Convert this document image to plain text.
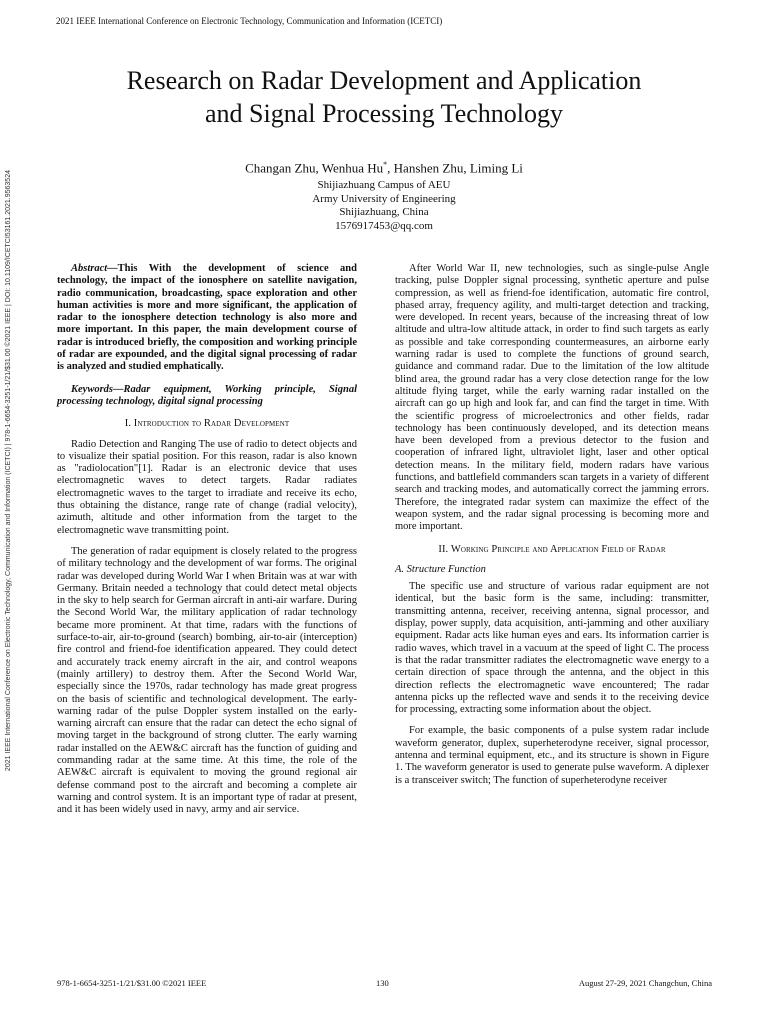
2021 IEEE International Conference on Electronic Technology, Communication and Information (ICETCI)
2021 IEEE International Conference on Electronic Technology, Communication and Information (ICETCI) | 978-1-6654-3251-1/21/$31.00 ©2021 IEEE | DOI: 10.1109/ICETCI53161.2021.9563524
Research on Radar Development and Application
and Signal Processing Technology
Changan Zhu, Wenhua Hu*, Hanshen Zhu, Liming Li
Shijiazhuang Campus of AEU
Army University of Engineering
Shijiazhuang, China
1576917453@qq.com

Abstract—This With the development of science and technology, the impact of the ionosphere on satellite navigation, radio communication, broadcasting, space exploration and other human activities is more and more significant, the application of radar to the ionosphere detection technology is also more and more important. In this paper, the main development course of radar is introduced briefly, the composition and working principle of radar are expounded, and the digital signal processing of radar is analyzed and studied emphatically.

Keywords—Radar equipment, Working principle, Signal processing technology, digital signal processing

I. Introduction to Radar Development

Radio Detection and Ranging The use of radio to detect objects and to visualize their spatial position. For this reason, radar is also known as "radiolocation"[1]. Radar is an electronic device that uses electromagnetic waves to detect targets. Radar radiates electromagnetic waves to the target to irradiate and receive its echo, thus obtaining the distance, range rate of change (radial velocity), azimuth, altitude and other information from the target to the electromagnetic wave transmitting point.

The generation of radar equipment is closely related to the progress of military technology and the development of war forms. The original radar was developed during World War I when Britain was at war with Germany. Britain needed a technology that could detect metal objects in the sky to help search for German aircraft in anti-air warfare. During the Second World War, the military application of radar technology became more prominent. At that time, radars with the functions of surface-to-air, air-to-ground (search) bombing, air-to-air (interception) fire control and friend-foe identification appeared. They could detect and accurately track enemy aircraft in the air, and control weapons (mainly artillery) to destroy them. After the Second World War, especially since the 1970s, radar technology has made great progress on the basis of scientific and technological development. The early-warning radar of the pulse Doppler system installed on the early-warning aircraft can ensure that the radar can detect the echo signal of moving target in the background of strong clutter. The early warning radar installed on the AEW&C aircraft has the function of guiding and commanding radar at the same time. At this time, the role of the AEW&C aircraft is equivalent to moving the ground regional air defense command post to the aircraft and becoming a complete air warning and control system. It is an important type of radar at present, and it has been widely used in navy, army and air service.

After World War II, new technologies, such as single-pulse Angle tracking, pulse Doppler signal processing, synthetic aperture and pulse compression, as well as friend-foe identification, automatic fire control, phased array, frequency agility, and multi-target detection and tracking, were developed. In recent years, because of the increasing threat of low altitude and ultra-low altitude attack, in order to find such targets as early as possible and take corresponding countermeasures, an airborne early warning radar is used to complete the functions of ground search, guidance and command radar. Due to the limitation of the low altitude blind area, the ground radar has a very close detection range for the low altitude flying target, while the early warning radar installed on the aircraft can go up high and look far, and can find the target in time. With the scientific progress of microelectronics and other fields, radar technology has been continuously developed, and its detection means have been developed from a previous detector to the fusion and cooperation of infrared light, ultraviolet light, laser and other optical detection means. In the military field, modern radars have various functions, and battlefield commanders scan targets in a variety of different search and tracking modes, and automatically correct the jamming errors. Therefore, the integrated radar system can maximize the effect of the weapon system, and the radar signal processing is becoming more and more important.

II. Working Principle and Application Field of Radar
A. Structure Function

The specific use and structure of various radar equipment are not identical, but the basic form is the same, including: transmitter, transmitting antenna, receiver, receiving antenna, signal processor, and display, power supply, data acquisition, anti-jamming and other auxiliary equipment. Radar acts like human eyes and ears. Its information carrier is radio waves, which travel in a vacuum at the speed of light C. The process is that the radar transmitter radiates the electromagnetic wave energy to a certain direction of space through the antenna, and the object in this direction reflects the electromagnetic wave encountered; The radar antenna picks up the reflected wave and sends it to the receiving device for processing, extracting some information about the object.

For example, the basic components of a pulse system radar include waveform generator, duplex, superheterodyne receiver, signal processor, antenna and terminal equipment, etc., and its structure is shown in Figure 1. The waveform generator is used to generate pulse waveform. A diplexer is a transceiver switch; The function of superheterodyne receiver

978-1-6654-3251-1/21/$31.00 ©2021 IEEE	130	August 27-29, 2021 Changchun, China
